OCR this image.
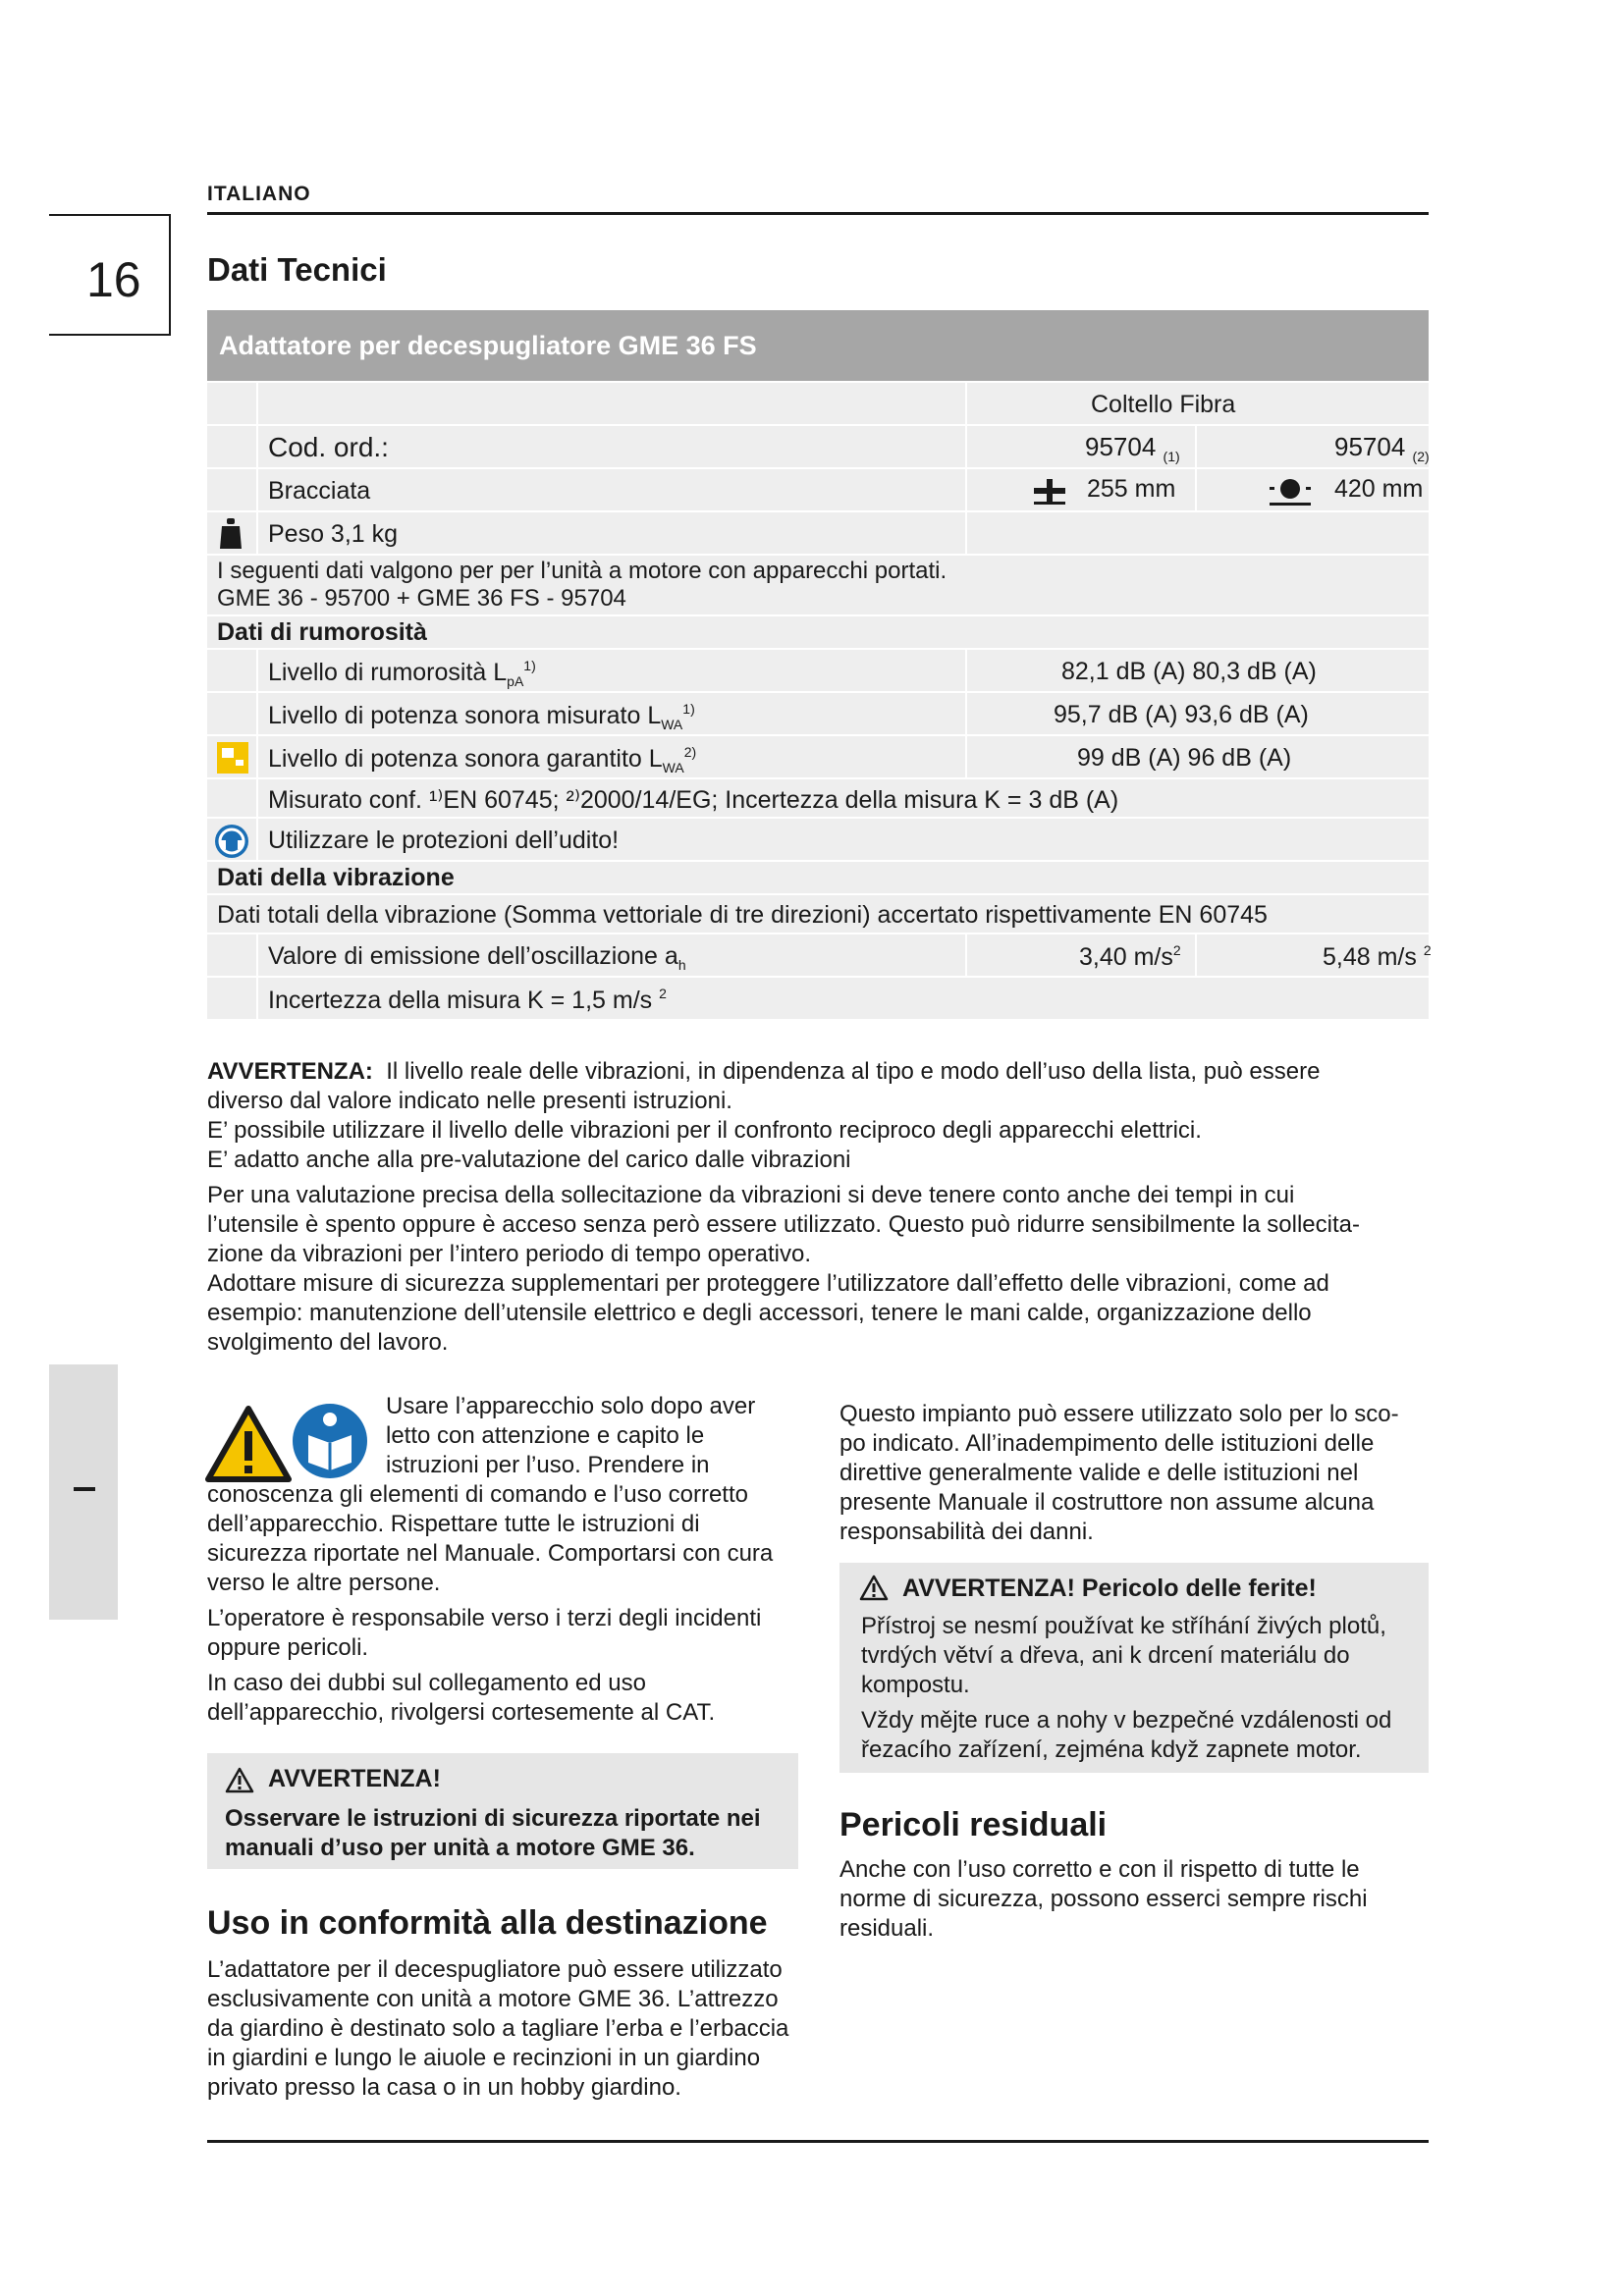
ITALIANO
16 Dati Tecnici
Adattatore per decespugliatore GME 36 FS
Coltello Fibra
Cod. ord.:	95704 $_{(1)}$	95704 $_{(2)}$
Bracciata	255 mm	420 mm
Peso 3,1 kg
I seguenti dati valgono per per l’unità a motore con apparecchi portati.
GME 36 - 95700 + GME 36 FS - 95704
Dati di rumorosità
Livello di rumorosità $L_{pA}^{1)}$	82,1 dB (A) 80,3 dB (A)
Livello di potenza sonora misurato $L_{WA}^{1)}$	95,7 dB (A) 93,6 dB (A)
Livello di potenza sonora garantito $L_{WA}^{2)}$	99 dB (A) 96 dB (A)
Misurato conf. ¹⁾EN 60745; ²⁾2000/14/EG; Incertezza della misura K = 3 dB (A)
Utilizzare le protezioni dell’udito!
Dati della vibrazione
Dati totali della vibrazione (Somma vettoriale di tre direzioni) accertato rispettivamente EN 60745
Valore di emissione dell’oscillazione $a_h$	3,40 $m/s^2$	5,48 m/s $^2$
Incertezza della misura K = 1,5 m/s $^2$
AVVERTENZA: Il livello reale delle vibrazioni, in dipendenza al tipo e modo dell’uso della lista, può essere
diverso dal valore indicato nelle presenti istruzioni.
E’ possibile utilizzare il livello delle vibrazioni per il confronto reciproco degli apparecchi elettrici.
E’ adatto anche alla pre-valutazione del carico dalle vibrazioni
Per una valutazione precisa della sollecitazione da vibrazioni si deve tenere conto anche dei tempi in cui
l’utensile è spento oppure è acceso senza però essere utilizzato. Questo può ridurre sensibilmente la sollecita-
zione da vibrazioni per l’intero periodo di tempo operativo.
Adottare misure di sicurezza supplementari per proteggere l’utilizzatore dall’effetto delle vibrazioni, come ad
esempio: manutenzione dell’utensile elettrico e degli accessori, tenere le mani calde, organizzazione dello
svolgimento del lavoro.
Usare l’apparecchio solo dopo aver
letto con attenzione e capito le
istruzioni per l’uso. Prendere in
conoscenza gli elementi di comando e l’uso corretto
dell’apparecchio. Rispettare tutte le istruzioni di
sicurezza riportate nel Manuale. Comportarsi con cura
verso le altre persone.
L’operatore è responsabile verso i terzi degli incidenti
oppure pericoli.
In caso dei dubbi sul collegamento ed uso
dell’apparecchio, rivolgersi cortesemente al CAT.
AVVERTENZA!
Osservare le istruzioni di sicurezza riportate nei
manuali d’uso per unità a motore GME 36.
Uso in conformità alla destinazione
L’adattatore per il decespugliatore può essere utilizzato
esclusivamente con unità a motore GME 36. L’attrezzo
da giardino è destinato solo a tagliare l’erba e l’erbaccia
in giardini e lungo le aiuole e recinzioni in un giardino
privato presso la casa o in un hobby giardino.
Questo impianto può essere utilizzato solo per lo sco-
po indicato. All’inadempimento delle istituzioni delle
direttive generalmente valide e delle istituzioni nel
presente Manuale il costruttore non assume alcuna
responsabilità dei danni.
AVVERTENZA! Pericolo delle ferite!
Přístroj se nesmí používat ke stříhání živých plotů,
tvrdých větví a dřeva, ani k drcení materiálu do
kompostu.
Vždy mějte ruce a nohy v bezpečné vzdálenosti od
řezacího zařízení, zejména když zapnete motor.
Pericoli residuali
Anche con l’uso corretto e con il rispetto di tutte le
norme di sicurezza, possono esserci sempre rischi
residuali.
